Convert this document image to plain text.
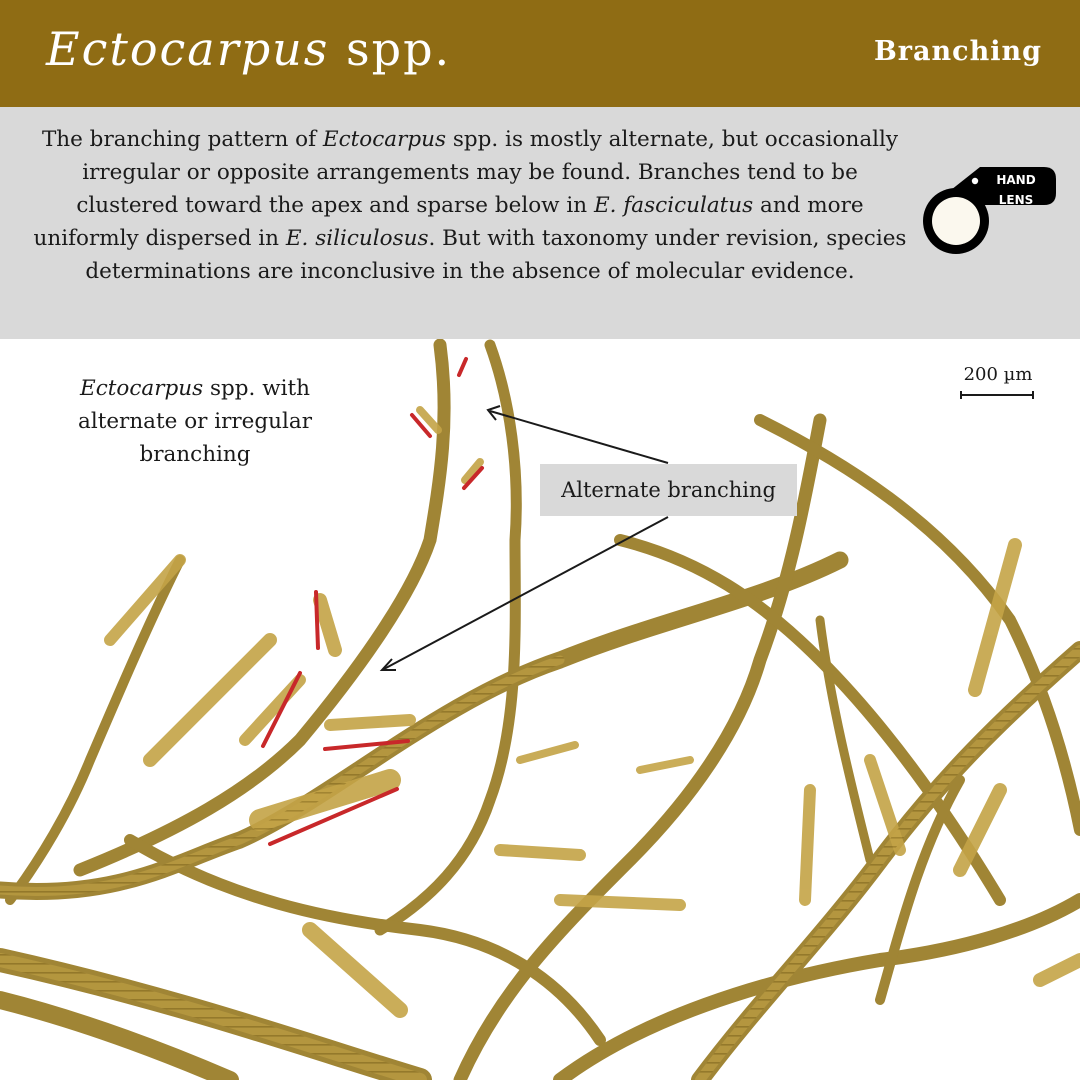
Ectocarpus spp.	Branching
The branching pattern of Ectocarpus spp. is mostly alternate, but occasionally irregular or opposite arrangements may be found. Branches tend to be clustered toward the apex and sparse below in E. fasciculatus and more uniformly dispersed in E. siliculosus. But with taxonomy under revision, species determinations are inconclusive in the absence of molecular evidence.
HAND
LENS
Ectocarpus spp. with alternate or irregular branching
200 µm
Alternate branching
